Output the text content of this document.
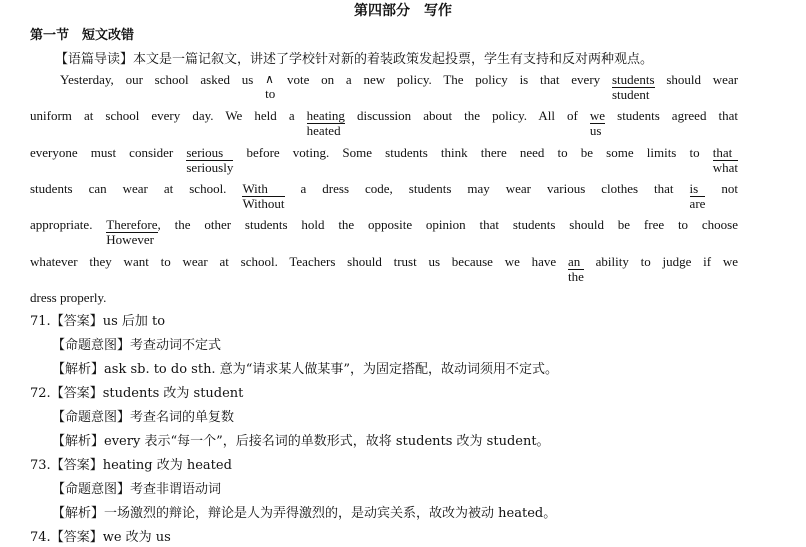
第四部分　写作
第一节　短文改错
【语篇导读】本文是一篇记叙文，讲述了学校针对新的着装政策发起投票，学生有支持和反对两种观点。
Yesterday, our school asked us ∧
to
vote on a new policy. The policy is that every students
student
should wear
uniform at school every day. We held a heating
heated
discussion about the policy. All of $\frac{we}{us}$ students agreed that
everyone must consider serious
seriously
before voting. Some students think there need to be some limits to that
what
students can wear at school. With
Without
a dress code, students may wear various clothes that is
are
not
appropriate. Therefore
However
, the other students hold the opposite opinion that students should be free to choose
whatever they want to wear at school. Teachers should trust us because we have an
the
ability to judge if we
dress properly.
71.【答案】us 后加 to
【命题意图】考查动词不定式
【解析】ask sb. to do sth. 意为“请求某人做某事”，为固定搭配，故动词须用不定式。
72.【答案】students 改为 student
【命题意图】考查名词的单复数
【解析】every 表示“每一个”，后接名词的单数形式，故将 students 改为 student。
73.【答案】heating 改为 heated
【命题意图】考查非谓语动词
【解析】一场激烈的辩论，辩论是人为弄得激烈的，是动宾关系，故改为被动 heated。
74.【答案】we 改为 us
